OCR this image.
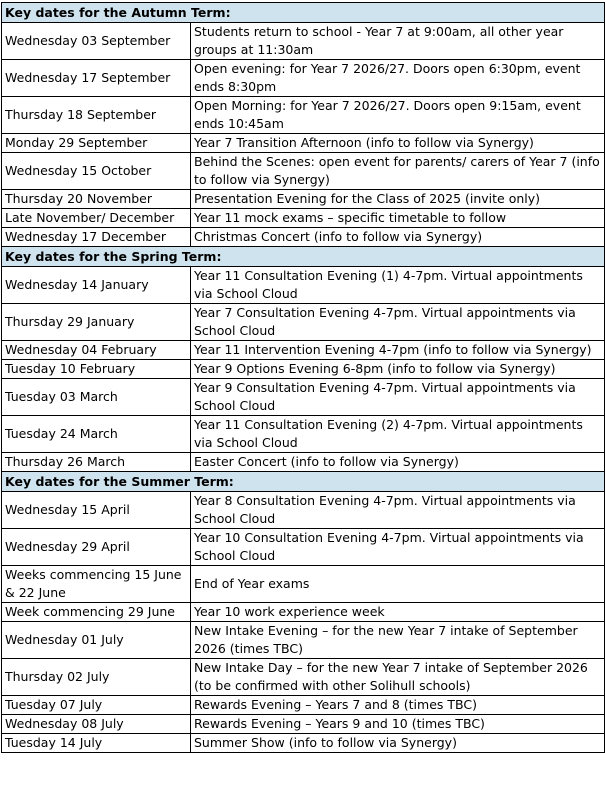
Key dates for the Autumn Term:	
Wednesday 03 September	Students return to school - Year 7 at 9:00am, all other year groups at 11:30am
Wednesday 17 September	Open evening: for Year 7 2026/27. Doors open 6:30pm, event ends 8:30pm
Thursday 18 September	Open Morning: for Year 7 2026/27. Doors open 9:15am, event ends 10:45am
Monday 29 September	Year 7 Transition Afternoon (info to follow via Synergy)
Wednesday 15 October	Behind the Scenes: open event for parents/ carers of Year 7 (info to follow via Synergy)
Thursday 20 November	Presentation Evening for the Class of 2025 (invite only)
Late November/ December	Year 11 mock exams – specific timetable to follow
Wednesday 17 December	Christmas Concert (info to follow via Synergy)
Key dates for the Spring Term:	
Wednesday 14 January	Year 11 Consultation Evening (1) 4-7pm. Virtual appointments via School Cloud
Thursday 29 January	Year 7 Consultation Evening 4-7pm. Virtual appointments via School Cloud
Wednesday 04 February	Year 11 Intervention Evening 4-7pm (info to follow via Synergy)
Tuesday 10 February	Year 9 Options Evening 6-8pm (info to follow via Synergy)
Tuesday 03 March	Year 9 Consultation Evening 4-7pm. Virtual appointments via School Cloud
Tuesday 24 March	Year 11 Consultation Evening (2) 4-7pm. Virtual appointments via School Cloud
Thursday 26 March	Easter Concert (info to follow via Synergy)
Key dates for the Summer Term:	
Wednesday 15 April	Year 8 Consultation Evening 4-7pm. Virtual appointments via School Cloud
Wednesday 29 April	Year 10 Consultation Evening 4-7pm. Virtual appointments via School Cloud
Weeks commencing 15 June & 22 June	End of Year exams
Week commencing 29 June	Year 10 work experience week
Wednesday 01 July	New Intake Evening – for the new Year 7 intake of September 2026 (times TBC)
Thursday 02 July	New Intake Day – for the new Year 7 intake of September 2026 (to be confirmed with other Solihull schools)
Tuesday 07 July	Rewards Evening – Years 7 and 8 (times TBC)
Wednesday 08 July	Rewards Evening – Years 9 and 10 (times TBC)
Tuesday 14 July	Summer Show (info to follow via Synergy)
